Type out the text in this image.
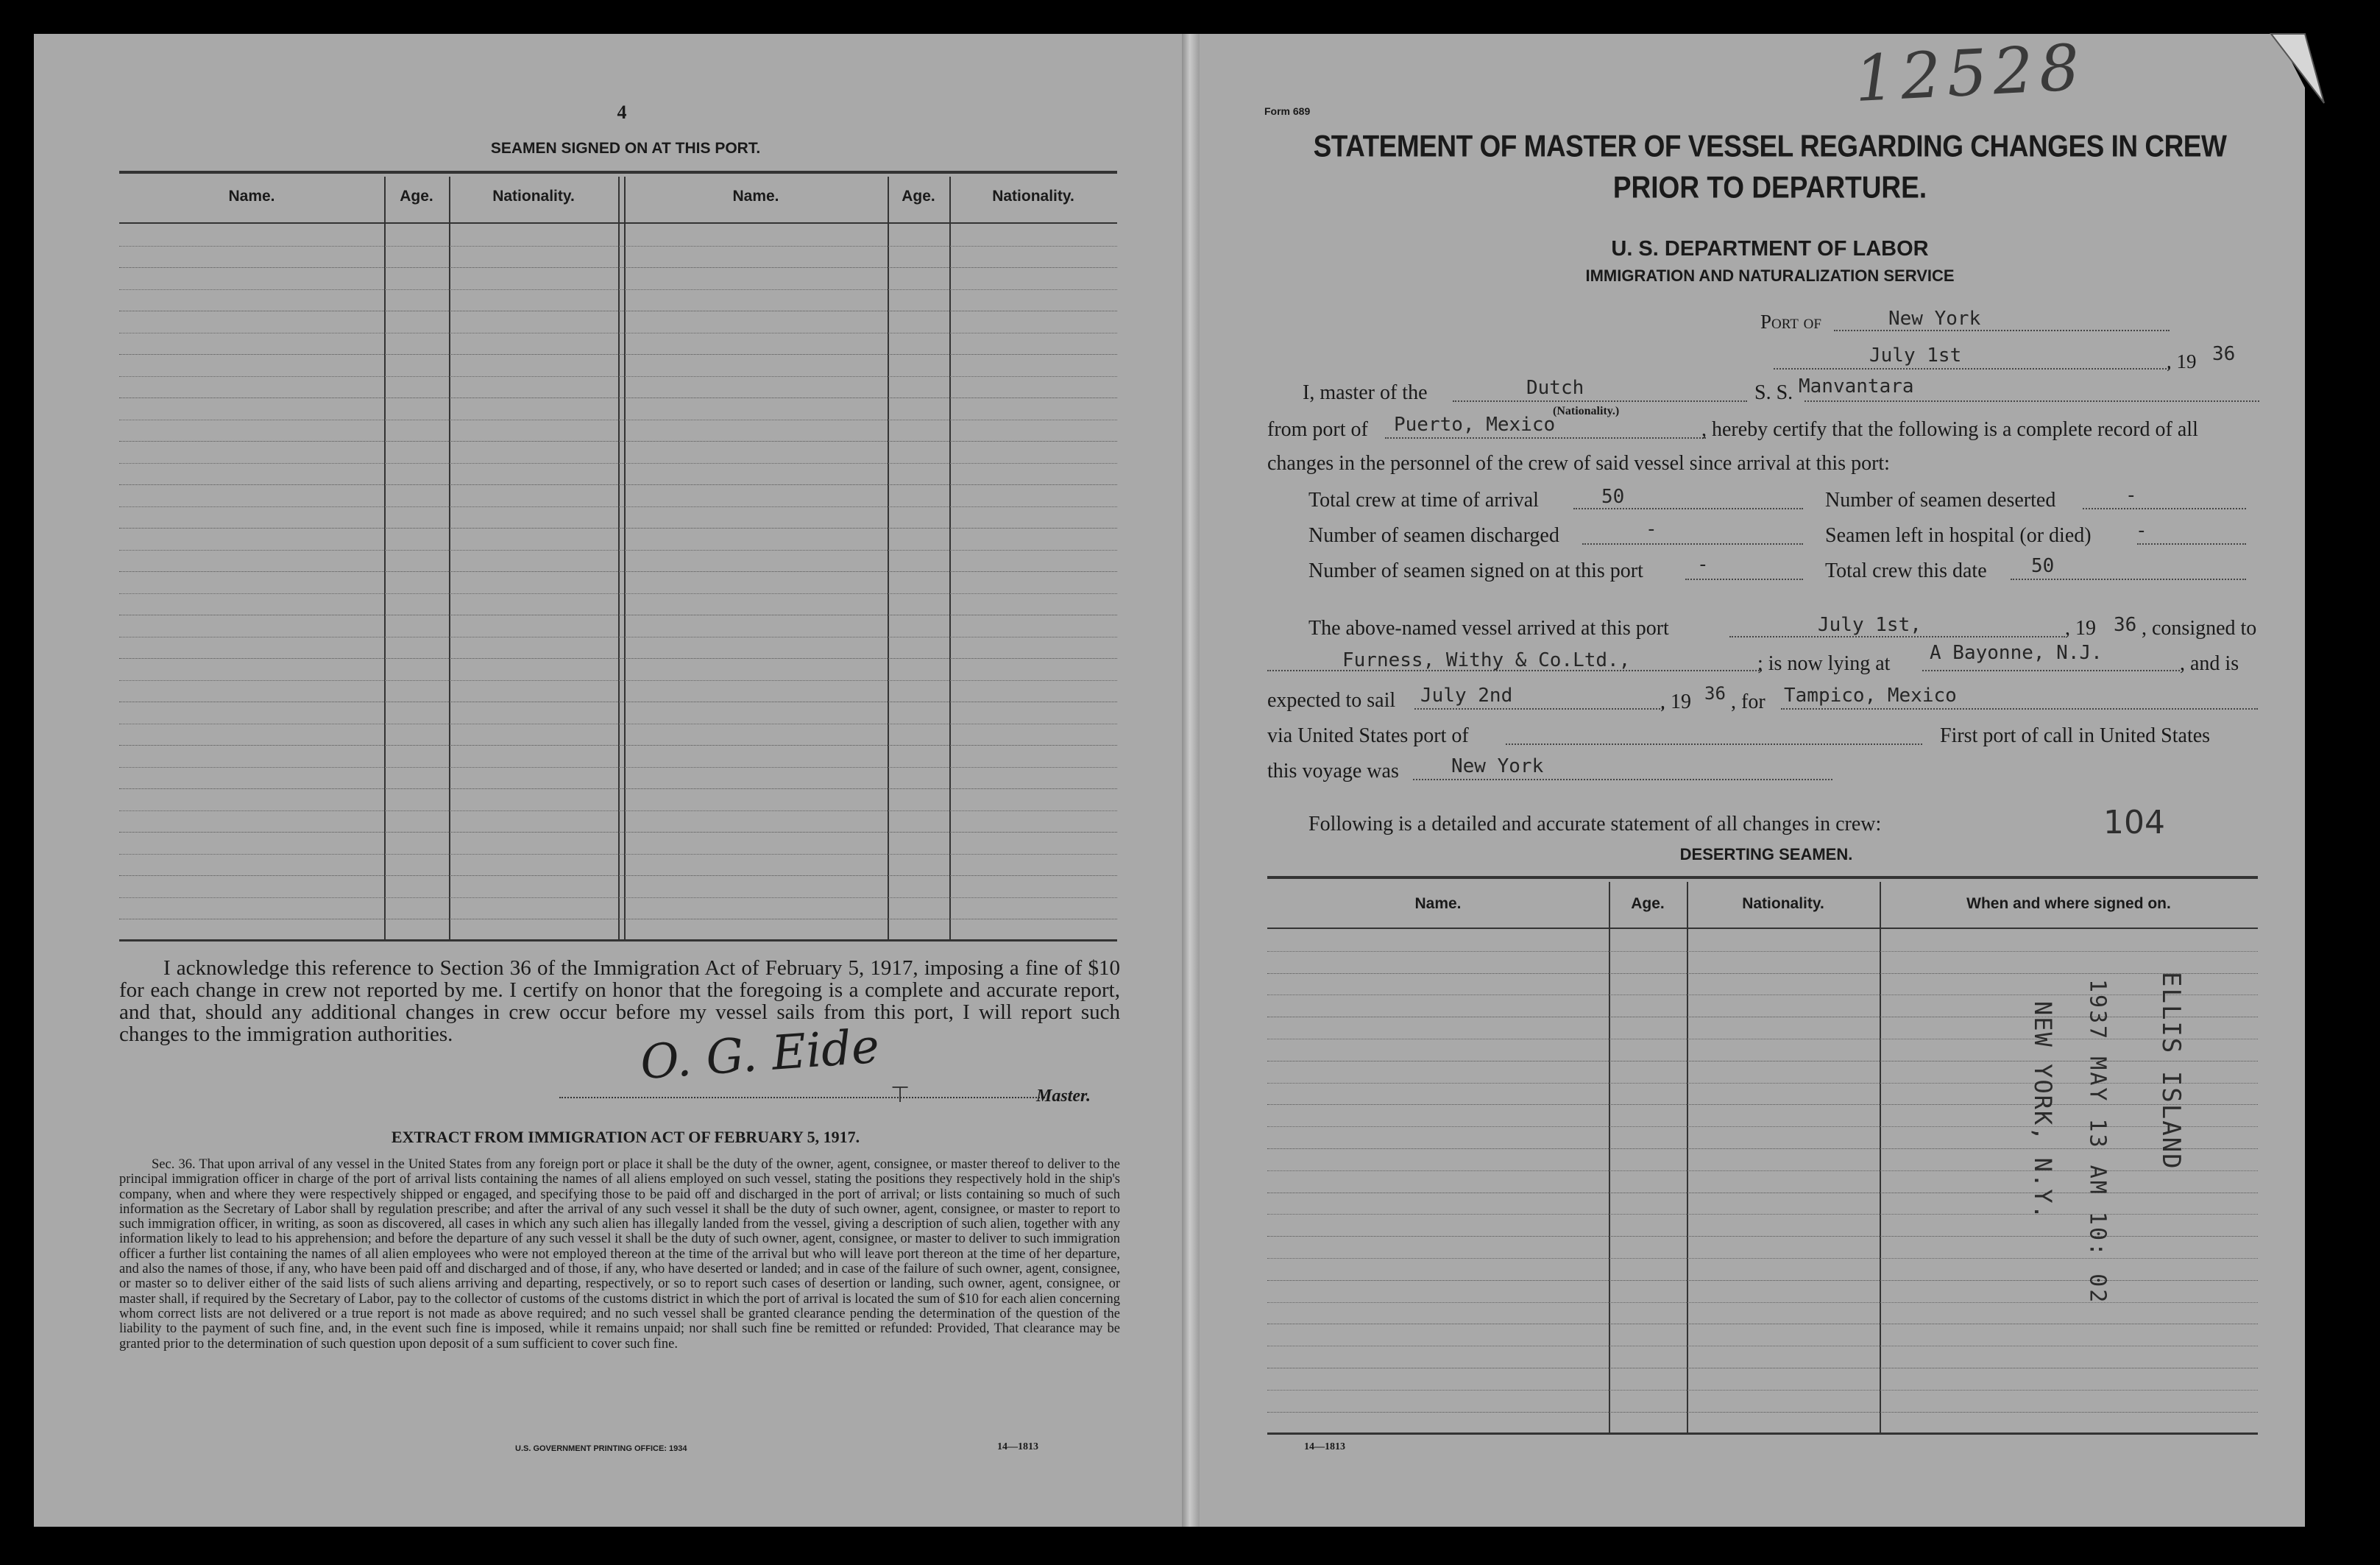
4
SEAMEN SIGNED ON AT THIS PORT.
Name.	Age.	Nationality.	Name.	Age.	Nationality.
I acknowledge this reference to Section 36 of the Immigration Act of February 5, 1917, imposing a fine of $10 for each change in crew not reported by me. I certify on honor that the foregoing is a complete and accurate report, and that, should any additional changes in crew occur before my vessel sails from this port, I will report such changes to the immigration authorities.	O. G. Eide
⊤	Master.
EXTRACT FROM IMMIGRATION ACT OF FEBRUARY 5, 1917.
Sec. 36. That upon arrival of any vessel in the United States from any foreign port or place it shall be the duty of the owner, agent, consignee, or master thereof to deliver to the principal immigration officer in charge of the port of arrival lists containing the names of all aliens employed on such vessel, stating the positions they respectively hold in the ship's company, when and where they were respectively shipped or engaged, and specifying those to be paid off and discharged in the port of arrival; or lists containing so much of such information as the Secretary of Labor shall by regulation prescribe; and after the arrival of any such vessel it shall be the duty of such owner, agent, consignee, or master to report to such immigration officer, in writing, as soon as discovered, all cases in which any such alien has illegally landed from the vessel, giving a description of such alien, together with any information likely to lead to his apprehension; and before the departure of any such vessel it shall be the duty of such owner, agent, consignee, or master to deliver to such immigration officer a further list containing the names of all alien employees who were not employed thereon at the time of the arrival but who will leave port thereon at the time of her departure, and also the names of those, if any, who have been paid off and discharged and of those, if any, who have deserted or landed; and in case of the failure of such owner, agent, consignee, or master so to deliver either of the said lists of such aliens arriving and departing, respectively, or so to report such cases of desertion or landing, such owner, agent, consignee, or master shall, if required by the Secretary of Labor, pay to the collector of customs of the customs district in which the port of arrival is located the sum of $10 for each alien concerning whom correct lists are not delivered or a true report is not made as above required; and no such vessel shall be granted clearance pending the determination of the question of the liability to the payment of such fine, and, in the event such fine is imposed, while it remains unpaid; nor shall such fine be remitted or refunded: Provided, That clearance may be granted prior to the determination of such question upon deposit of a sum sufficient to cover such fine.
U.S. GOVERNMENT PRINTING OFFICE: 1934	14—1813
Form 689	12528
STATEMENT OF MASTER OF VESSEL REGARDING CHANGES IN CREW
PRIOR TO DEPARTURE.
U. S. DEPARTMENT OF LABOR
IMMIGRATION AND NATURALIZATION SERVICE
Port of	New York
July 1st	, 19 36
I, master of the	Dutch
(Nationality.)
S. S. Manvantara
from port of Puerto, Mexico	, hereby certify that the following is a complete record of all
changes in the personnel of the crew of said vessel since arrival at this port:
Total crew at time of arrival	50	Number of seamen deserted	-
Number of seamen discharged	-	Seamen left in hospital (or died) -
Number of seamen signed on at this port	-	Total crew this date 50
The above-named vessel arrived at this port	July 1st,	, 19 36 , consigned to
Furness, Withy & Co.Ltd.,	; is now lying at A Bayonne, N.J.	, and is
expected to sail July 2nd	, 19 36 , for Tampico, Mexico
via United States port of	First port of call in United States
this voyage was	New York
Following is a detailed and accurate statement of all changes in crew:	104
DESERTING SEAMEN.
Name.	Age.	Nationality.	When and where signed on.
ELLIS ISLAND
1937 MAY 13 AM 10: 02
NEW YORK, N.Y.
14—1813
